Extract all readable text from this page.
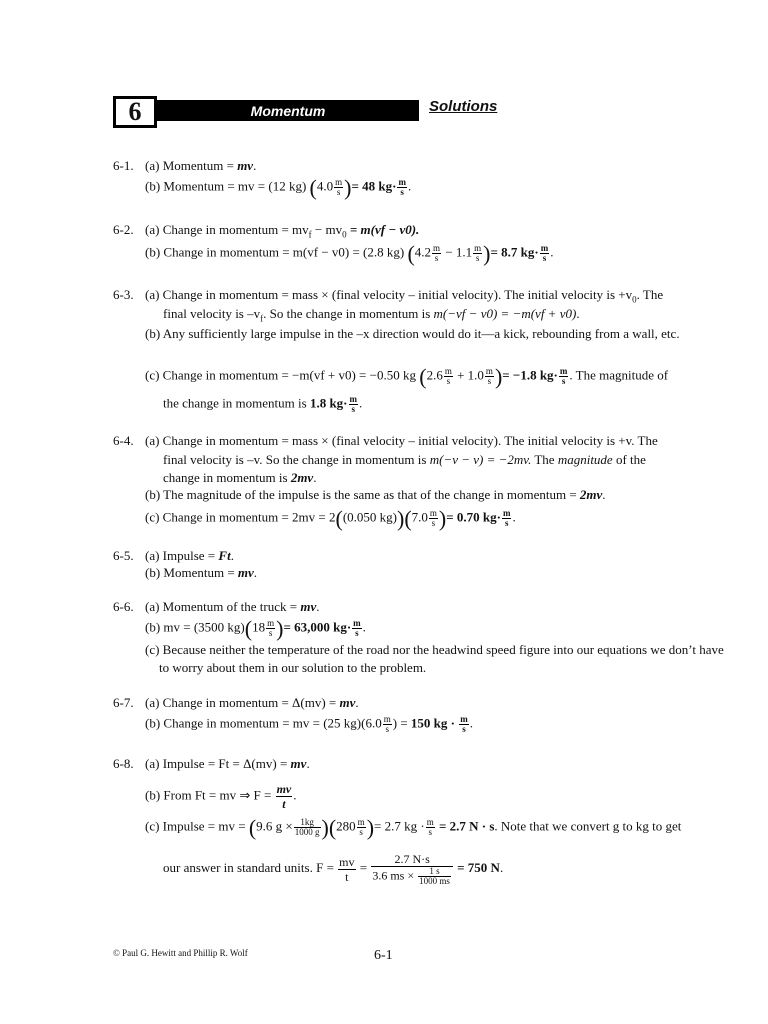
6	Momentum	Solutions
6-1. (a) Momentum = mv.
(b) Momentum = mv = (12 kg) ($4.0 \frac{m}{s}$ )= 48 $kg\cdot \frac{m}{s}$ .
6-2. (a) Change in momentum = $mv_f - mv_0 = m(vf - v0)$.
(b) Change in momentum = m(vf − v0) = (2.8 kg) ($4.2 \frac{m}{s} - 1.1 \frac{m}{s}$ )= 8.7 $kg\cdot \frac{m}{s}$ .
6-3. (a) Change in momentum = mass × (final velocity – initial velocity). The initial velocity is $+v_0$. The
final velocity is $-v_f$. So the change in momentum is m(−vf − v0) = −m(vf + v0).
(b) Any sufficiently large impulse in the –x direction would do it—a kick, rebounding from a wall, etc.
(c) Change in momentum = −m(vf + v0) = −0.50 kg ($2.6 \frac{m}{s} + 1.0 \frac{m}{s}$ )= −1.8 $kg\cdot \frac{m}{s}$ . The magnitude of
the change in momentum is 1.8 $kg\cdot \frac{m}{s}$ .
6-4. (a) Change in momentum = mass × (final velocity – initial velocity). The initial velocity is +v. The
final velocity is –v. So the change in momentum is m(−v − v) = −2mv. The magnitude of the
change in momentum is 2mv.
(b) The magnitude of the impulse is the same as that of the change in momentum = 2mv.
(c) Change in momentum = 2mv = 2((0.050 $kg))(7.0 \frac{m}{s}$ )= 0.70 $kg\cdot \frac{m}{s}$ .
6-5. (a) Impulse = Ft.
(b) Momentum = mv.
6-6. (a) Momentum of the truck = mv.
(b) mv = (3500 $kg)(18 \frac{m}{s}$ )= 63,000 $kg\cdot \frac{m}{s}$ .
(c) Because neither the temperature of the road nor the headwind speed figure into our equations we don’t have to worry about them in our solution to the problem.
6-7. (a) Change in momentum = Δ(mv) = mv.
(b) Change in momentum = mv = (25 $kg)(6.0 \frac{m}{s}$ ) = 150 kg · $\frac{m}{s}$ .
6-8. (a) Impulse = Ft = Δ(mv) = mv.
(b) From Ft = mv ⇒ $F = \frac{mv}{t}$ .
(c) Impulse = mv = (9.6 $g \times \frac{1kg}{1000 g} )(280 \frac{m}{s}$ )= 2.7 kg · $\frac{m}{s} = 2.7$ N · s. Note that we convert g to kg to get
our answer in standard units. $F = \frac{mv}{t} = \frac{2.7 N\cdot s}{3.6 ms \times \frac{1 s}{1000 ms}} = 750$ N.
© Paul G. Hewitt and Phillip R. Wolf	6-1
